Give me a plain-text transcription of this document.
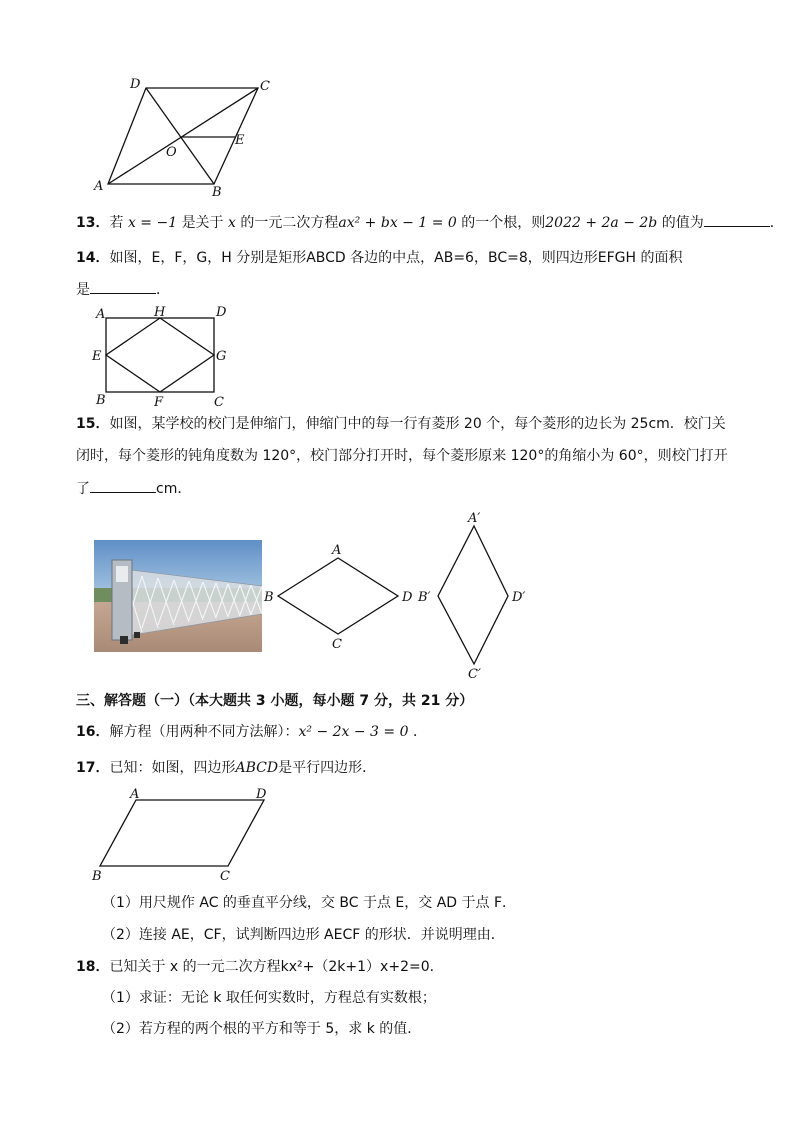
A	B
C
D
O
E
13．若 x = −1 是关于 x 的一元二次方程ax² + bx − 1 = 0 的一个根，则2022 + 2a − 2b 的值为	．
14．如图，E，F，G，H 分别是矩形ABCD 各边的中点，AB=6，BC=8，则四边形EFGH 的面积
是	．
A	H	D
E	G
B	F	C
15．如图，某学校的校门是伸缩门，伸缩门中的每一行有菱形 20 个，每个菱形的边长为 25cm．校门关
闭时，每个菱形的钝角度数为 120°，校门部分打开时，每个菱形原来 120°的角缩小为 60°，则校门打开
了	cm．
A
B
C
D
A′
B′
C′
D′
三、解答题（一）（本大题共 3 小题，每小题 7 分，共 21 分）
16．解方程（用两种不同方法解）：x² − 2x − 3 = 0 ．
17．已知：如图，四边形ABCD是平行四边形．
A	D
B	C
（1）用尺规作 AC 的垂直平分线，交 BC 于点 E，交 AD 于点 F．
（2）连接 AE，CF，试判断四边形 AECF 的形状．并说明理由．
18．已知关于 x 的一元二次方程kx²+（2k+1）x+2=0．
（1）求证：无论 k 取任何实数时，方程总有实数根；
（2）若方程的两个根的平方和等于 5，求 k 的值．
